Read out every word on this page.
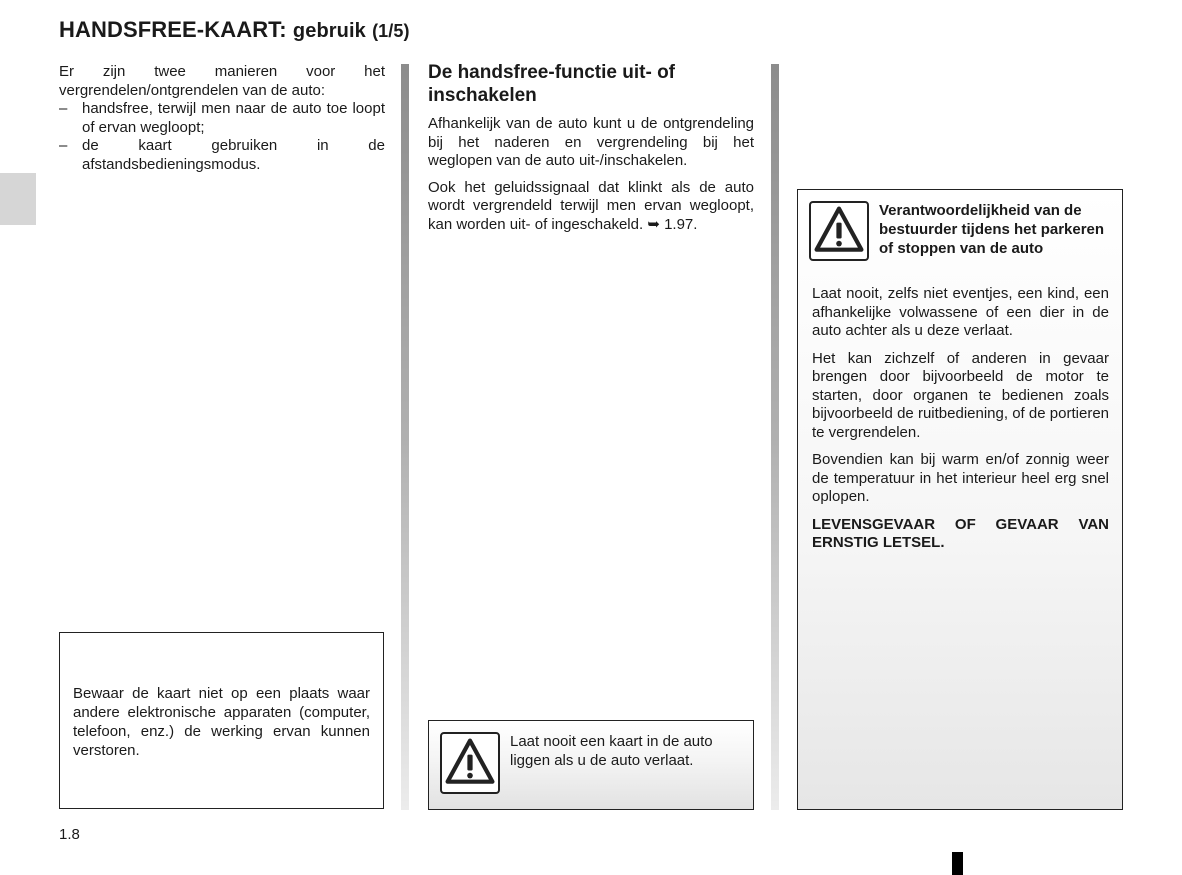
HANDSFREE-KAART: gebruik (1/5)

Er zijn twee manieren voor het vergrendelen/ontgrendelen van de auto:

– handsfree, terwijl men naar de auto toe loopt of ervan wegloopt;
– de kaart gebruiken in de afstandsbedieningsmodus.
Bewaar de kaart niet op een plaats waar andere elektronische apparaten (computer, telefoon, enz.) de werking ervan kunnen verstoren.
De handsfree-functie uit- of inschakelen

Afhankelijk van de auto kunt u de ontgrendeling bij het naderen en vergrendeling bij het weglopen van de auto uit-/inschakelen.

Ook het geluidssignaal dat klinkt als de auto wordt vergrendeld terwijl men ervan wegloopt, kan worden uit- of ingeschakeld. ➥ 1.97.

Laat nooit een kaart in de auto liggen als u de auto verlaat.
Verantwoordelijkheid van de bestuurder tijdens het parkeren of stoppen van de auto

Laat nooit, zelfs niet eventjes, een kind, een afhankelijke volwassene of een dier in de auto achter als u deze verlaat.

Het kan zichzelf of anderen in gevaar brengen door bijvoorbeeld de motor te starten, door organen te bedienen zoals bijvoorbeeld de ruitbediening, of de portieren te vergrendelen.

Bovendien kan bij warm en/of zonnig weer de temperatuur in het interieur heel erg snel oplopen.

LEVENSGEVAAR OF GEVAAR VAN ERNSTIG LETSEL.

1.8
